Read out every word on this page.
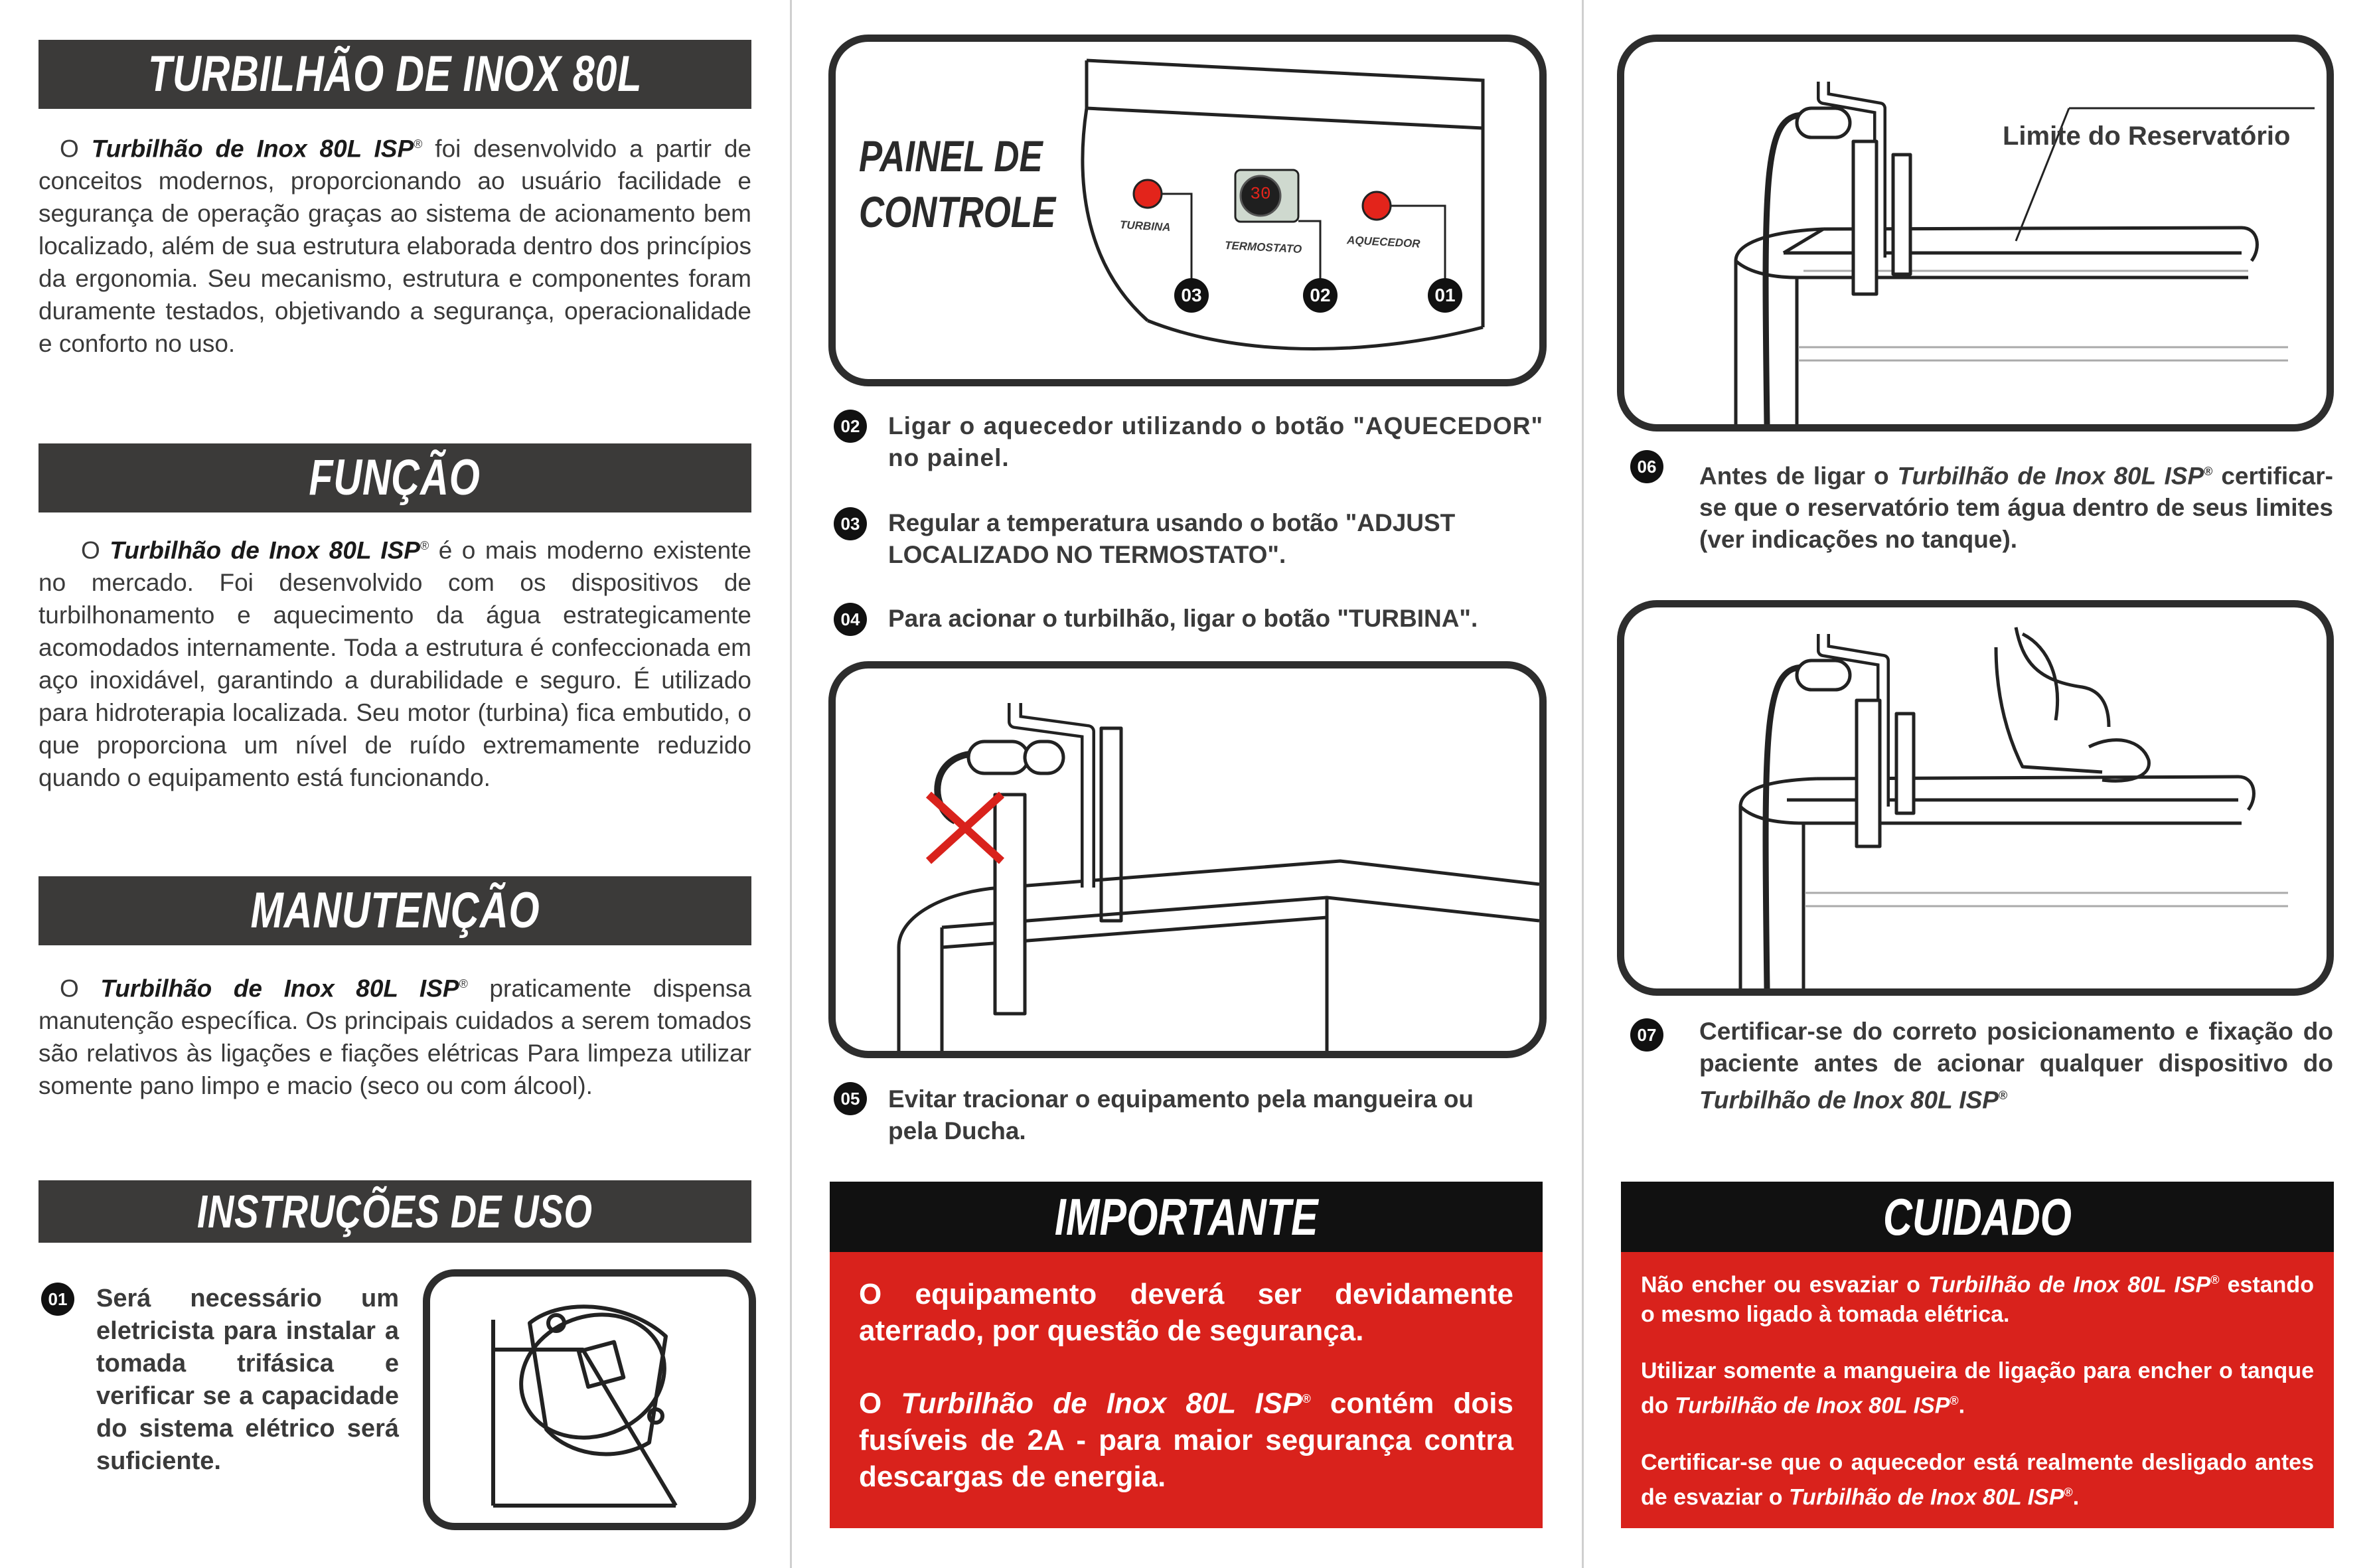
TURBILHÃO DE INOX 80L
O Turbilhão de Inox 80L ISP® foi desenvolvido a partir de conceitos modernos, proporcionando ao usuário facilidade e segurança de operação graças ao sistema de acionamento bem localizado, além de sua estrutura elaborada dentro dos princípios da ergonomia. Seu mecanismo, estrutura e componentes foram duramente testados, objetivando a segurança, operacionalidade e conforto no uso.
FUNÇÃO
O Turbilhão de Inox 80L ISP® é o mais moderno existente no mercado. Foi desenvolvido com os dispositivos de turbilhonamento e aquecimento da água estrategicamente acomodados internamente. Toda a estrutura é confeccionada em aço inoxidável, garantindo a durabilidade e seguro. É utilizado para hidroterapia localizada. Seu motor (turbina) fica embutido, o que proporciona um nível de ruído extremamente reduzido quando o equipamento está funcionando.
MANUTENÇÃO
O Turbilhão de Inox 80L ISP® praticamente dispensa manutenção específica. Os principais cuidados a serem tomados são relativos às ligações e fiações elétricas Para limpeza utilizar somente pano limpo e macio (seco ou com álcool).
INSTRUÇÕES DE USO
01 Será necessário um eletricista para instalar a tomada trifásica e verificar se a capacidade do sistema elétrico será suficiente.
PAINEL DE
CONTROLE	TURBINA
TERMOSTATO	AQUECEDOR
30
03	02	01
02 Ligar o aquecedor utilizando o botão "AQUECEDOR" no painel.
03 Regular a temperatura usando o botão "ADJUST LOCALIZADO NO TERMOSTATO".
04 Para acionar o turbilhão, ligar o botão "TURBINA".
05 Evitar tracionar o equipamento pela mangueira ou pela Ducha.
IMPORTANTE
O equipamento deverá ser devidamente aterrado, por questão de segurança.
O Turbilhão de Inox 80L ISP® contém dois fusíveis de 2A - para maior segurança contra descargas de energia.
Limite do Reservatório
06 Antes de ligar o Turbilhão de Inox 80L ISP® certificar-se que o reservatório tem água dentro de seus limites (ver indicações no tanque).
07 Certificar-se do correto posicionamento e fixação do paciente antes de acionar qualquer dispositivo do Turbilhão de Inox 80L ISP®
CUIDADO
Não encher ou esvaziar o Turbilhão de Inox 80L ISP® estando o mesmo ligado à tomada elétrica.
Utilizar somente a mangueira de ligação para encher o tanque do Turbilhão de Inox 80L ISP®.
Certificar-se que o aquecedor está realmente desligado antes de esvaziar o Turbilhão de Inox 80L ISP®.
